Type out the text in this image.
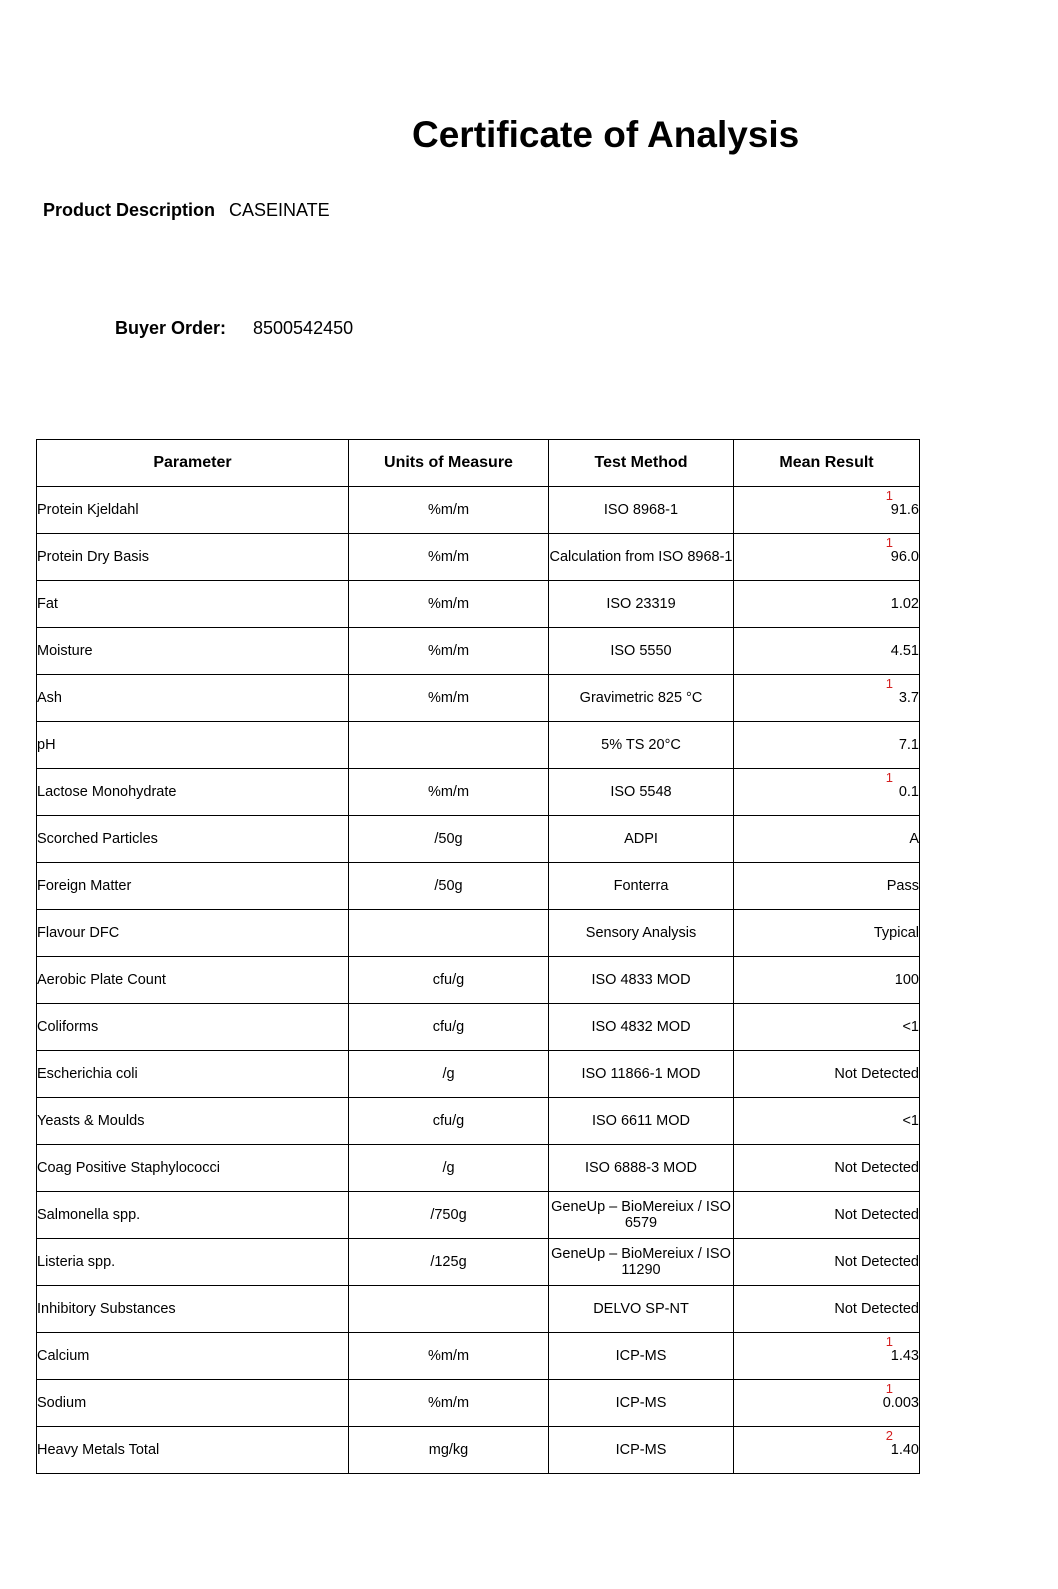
Certificate of Analysis
Product Description CASEINATE
Buyer Order: 8500542450
Parameter	Units of Measure	Test Method	Mean Result
Protein Kjeldahl	%m/m	ISO 8968-1	91.6
1

Protein Dry Basis	%m/m	Calculation from ISO 8968-1	96.0
1

Fat	%m/m	ISO 23319	1.02

Moisture	%m/m	ISO 5550	4.51

Ash	%m/m	Gravimetric 825 °C	3.7
1

pH		5% TS 20°C	7.1

Lactose Monohydrate	%m/m	ISO 5548	0.1
1

Scorched Particles	/50g	ADPI	A

Foreign Matter	/50g	Fonterra	Pass

Flavour DFC		Sensory Analysis	Typical

Aerobic Plate Count	cfu/g	ISO 4833 MOD	100

Coliforms	cfu/g	ISO 4832 MOD	<1

Escherichia coli	/g	ISO 11866-1 MOD	Not Detected

Yeasts & Moulds	cfu/g	ISO 6611 MOD	<1

Coag Positive Staphylococci	/g	ISO 6888-3 MOD	Not Detected

Salmonella spp.	/750g	GeneUp – BioMereiux / ISO 6579	Not Detected

Listeria spp.	/125g	GeneUp – BioMereiux / ISO 11290	Not Detected

Inhibitory Substances		DELVO SP-NT	Not Detected

Calcium	%m/m	ICP-MS	1.43
1

Sodium	%m/m	ICP-MS	0.003
1

Heavy Metals Total	mg/kg	ICP-MS	1.40
2
